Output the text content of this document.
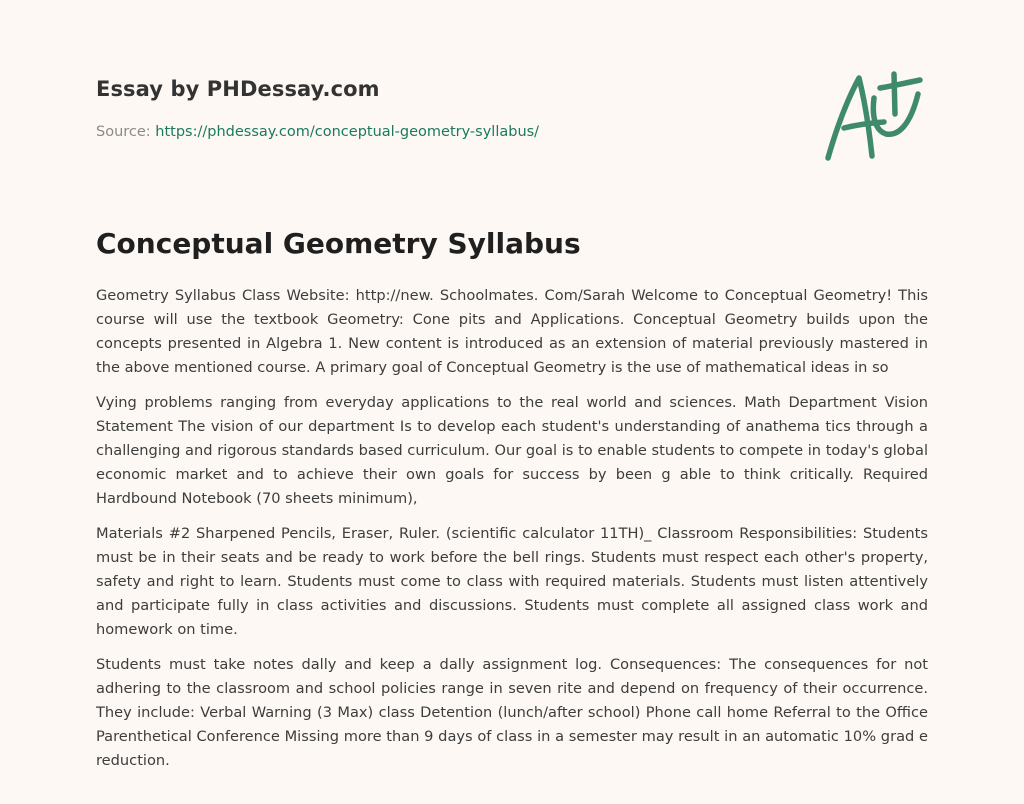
Essay by PHDessay.com
Source: https://phdessay.com/conceptual-geometry-syllabus/
Conceptual Geometry Syllabus

Geometry Syllabus Class Website: http://new. Schoolmates. Com/Sarah Welcome to Conceptual Geometry! This course will use the textbook Geometry: Cone pits and Applications. Conceptual Geometry builds upon the concepts presented in Algebra 1. New content is introduced as an extension of material previously mastered in the above mentioned course. A primary goal of Conceptual Geometry is the use of mathematical ideas in so

Vying problems ranging from everyday applications to the real world and sciences. Math Department Vision Statement The vision of our department Is to develop each student's understanding of anathema tics through a challenging and rigorous standards based curriculum. Our goal is to enable students to compete in today's global economic market and to achieve their own goals for success by been g able to think critically. Required Hardbound Notebook (70 sheets minimum),

Materials #2 Sharpened Pencils, Eraser, Ruler. (scientific calculator 11TH)_ Classroom Responsibilities: Students must be in their seats and be ready to work before the bell rings. Students must respect each other's property, safety and right to learn. Students must come to class with required materials. Students must listen attentively and participate fully in class activities and discussions. Students must complete all assigned class work and homework on time.

Students must take notes dally and keep a dally assignment log. Consequences: The consequences for not adhering to the classroom and school policies range in seven rite and depend on frequency of their occurrence. They include: Verbal Warning (3 Max) class Detention (lunch/after school) Phone call home Referral to the Office Parenthetical Conference Missing more than 9 days of class in a semester may result in an automatic 10% grad e reduction.
